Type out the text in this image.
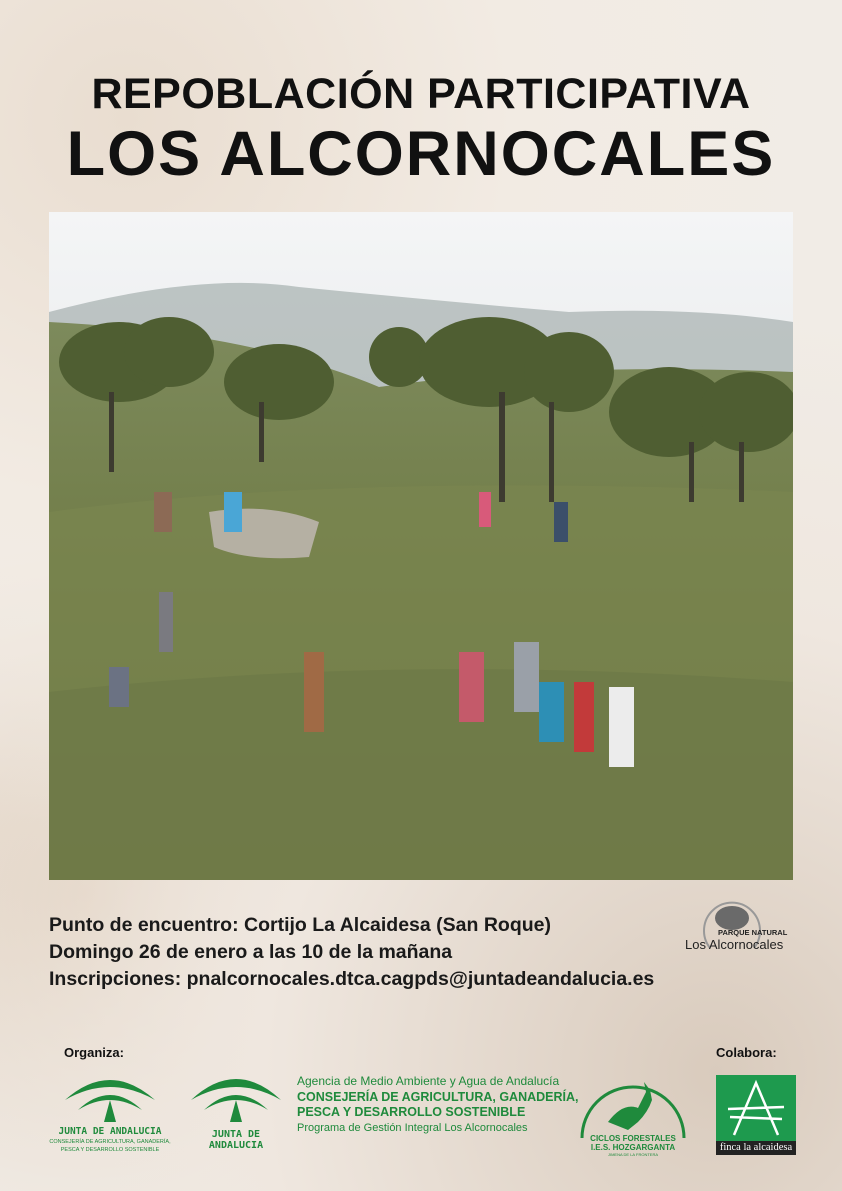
REPOBLACIÓN PARTICIPATIVA
LOS ALCORNOCALES
Punto de encuentro: Cortijo La Alcaidesa (San Roque)
Domingo 26 de enero a las 10 de la mañana
Inscripciones: pnalcornocales.dtca.cagpds@juntadeandalucia.es
PARQUE NATURAL
Los Alcornocales
Organiza:	Colabora:
JUNTA DE ANDALUCIA
CONSEJERÍA DE AGRICULTURA, GANADERÍA,
PESCA Y DESARROLLO SOSTENIBLE
JUNTA DE ANDALUCIA
Agencia de Medio Ambiente y Agua de Andalucía
CONSEJERÍA DE AGRICULTURA, GANADERÍA,
PESCA Y DESARROLLO SOSTENIBLE
Programa de Gestión Integral Los Alcornocales
CICLOS FORESTALES
I.E.S. HOZGARGANTA
JIMENA DE LA FRONTERA
finca la alcaidesa
